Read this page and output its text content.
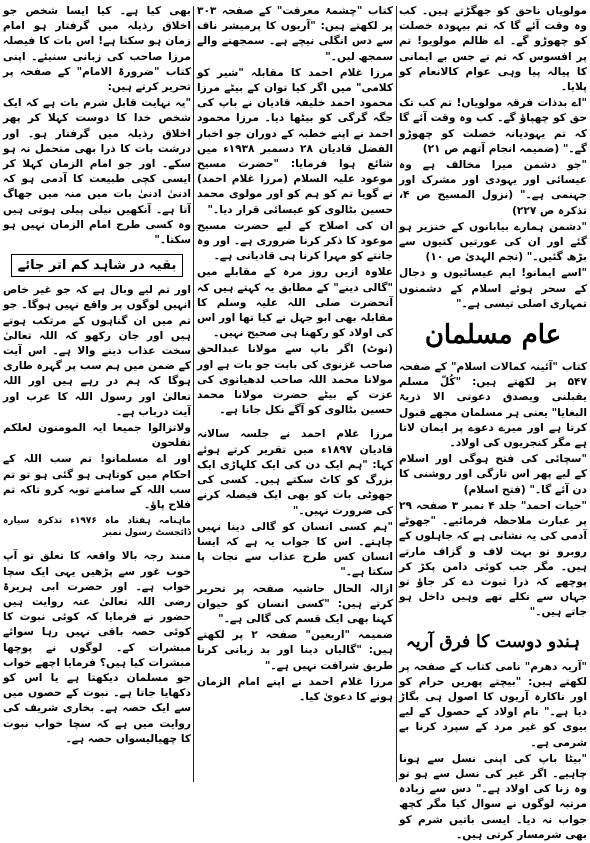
مولویاں ناحق کو جھگڑتے ہیں۔ کب وہ وقت آئے گا کہ تم بیہودہ خصلت کو چھوڑو گے۔ اے ظالم مولویو! تم پر افسوس کہ تم نے جس بے ایمانی کا پیالہ پیا وہی عوام کالانعام کو پلایا۔

"اے بدذات فرقہ مولویاں! تم کب تک حق کو چھپاؤ گے۔ کب وہ وقت آئے گا کہ تم یہودیانہ خصلت کو چھوڑو گے۔" (ضمیمہ انجام آتھم ص ۲۱)

"جو دشمن میرا مخالف ہے وہ عیسائی اور یہودی اور مشرک اور جہنمی ہے۔" (نزول المسیح ص ۴، تذکرہ ص ۲۲۷)

"دشمن ہمارے بیابانوں کے خنزیر ہو گئے اور ان کی عورتیں کتیوں سے بڑھ گئیں۔" (نجم الہدیٰ ص ۱۰)

"اسے ایمانو! ایم عیسائیوں و دجال کے سحر ہوئے اسلام کے دشمنوں تمہاری اصلی تیسی ہے۔"

عام مسلمان

کتاب "آئینہ کمالات اسلام" کے صفحہ ۵۴۷ پر لکھتے ہیں: "کُلّ مسلم یقبلنی ویصدق دعوتی الا ذریۃ البغایا" یعنی ہر مسلمان مجھے قبول کرتا ہے اور میرے دعوے پر ایمان لاتا ہے مگر کنجریوں کی اولاد۔

"سچائی کی فتح ہوگی اور اسلام کے لیے پھر اس تازگی اور روشنی کا دن آئے گا۔" (فتح اسلام)

"حیات احمد" جلد ۴ نمبر ۳ صفحہ ۲۹ پر عبارت ملاحظہ فرمائیے۔ "جھوٹے آدمی کی یہ نشانی ہے کہ جاہلوں کے روبرو تو بہت لاف و گزاف مارتے ہیں۔ مگر جب کوئی دامن پکڑ کر پوچھے کہ ذرا ثبوت دے کر جاؤ تو جہاں سے نکلے تھے وہیں داخل ہو جاتے ہیں۔"

ہندو دوست کا فرق آریہ

"آریہ دھرم" نامی کتاب کے صفحہ پر لکھتے ہیں: "بیچتے پھریں حرام کو اور ناکارہ آریوں کا اصول ہی بگاڑ دیا ہے۔" نام اولاد کے حصول کے لیے بیوی کو غیر مرد کے سپرد کرنا بے شرمی ہے۔

"بیٹا باپ کی اپنی نسل سے ہونا چاہیے۔ اگر غیر کی نسل سے ہو تو وہ زنا کی اولاد ہے۔" دس سے زیادہ مرتبہ لوگوں نے سوال کیا مگر کچھ جواب نہ دیا۔ ایسی باتیں شرم کو بھی شرمسار کرتی ہیں۔

کتاب "چشمۂ معرفت" کے صفحہ ۳۰۳ پر لکھتے ہیں: "آریوں کا پرمیشر ناف سے دس انگلی نیچے ہے۔ سمجھنے والے سمجھ لیں۔"

مرزا غلام احمد کا مقابلہ "شیر کو کلامی" میں اگر کیا توان کے بیٹے مرزا محمود احمد خلیفہ قادیان نے باپ کی جگہ گرگی کو بیٹھا دیا۔ مرزا محمود احمد نے اپنے خطبہ کے دوران جو اخبار الفضل قادیان ۲۸ دسمبر ۱۹۳۸ء میں شائع ہوا فرمایا: "حضرت مسیح موعود علیہ السلام (مرزا غلام احمد) نے گویا تم کو ہم کو اور مولوی محمد حسین بٹالوی کو عیسائی قرار دیا۔"

ان کی اصلاح کے لیے حضرت مسیح موعود کا ذکر کرنا ضروری ہے۔ اور وہ جانتے کو مہرا کرنا ہی قادیانی ہے۔

علاوہ ازیں روز مرہ کے مقابلے میں "گالی دینے" کے مطابق یہ کہتے ہیں کہ آنحضرت صلی اللہ علیہ وسلم کا مقابلہ بھی ابو جہل نے کیا تھا اور اس کی اولاد کو رکھنا ہی صحیح نہیں۔

(نوٹ) اگر باپ سے مولانا عبدالحق صاحب غزنوی کی بابت جو بات ہے اور مولانا محمد اللہ صاحب لدھیانوی کی عزت کے بیٹے حضرت مولانا محمد حسین بٹالوی کو آگے نکل جانا ہے۔

مرزا غلام احمد نے جلسہ سالانہ قادیان ۱۸۹۷ء میں تقریر کرتے ہوئے کہا: "ہم ایک دن کی ایک کلہاڑی ایک بزرگ کو کاٹ سکتے ہیں۔ کسی کی جھوٹی بات کو بھی ایک فیصلہ کرنے کی ضرورت نہیں۔"

"ہم کسی انسان کو گالی دینا نہیں چاہتے۔ اس کا جواب یہ ہے کہ ایسا انسان کس طرح عذاب سے نجات پا سکتا ہے۔"

ازالہ الحال حاشیہ صفحہ پر تحریر کرتے ہیں: "کسی انسان کو حیوان کہنا بھی ایک قسم کی گالی ہے۔"

ضمیمہ "اربعین" صفحہ ۲ پر لکھتے ہیں: "گالیاں دینا اور بد زبانی کرنا طریق شرافت نہیں ہے۔"

مرزا غلام احمد نے اپنے امام الزمان ہونے کا دعویٰ کیا۔

بھی کیا ہے۔ کیا ایسا شخص جو اخلاق رذیلہ میں گرفتار ہو امام زمان ہو سکتا ہے! اس بات کا فیصلہ مرزا صاحب کی زبانی سنیئے۔ اپنی کتاب "ضرورۃ الامام" کے صفحہ پر تحریر کرتے ہیں:

"یہ نہایت قابل شرم بات ہے کہ ایک شخص خدا کا دوست کہلا کر پھر اخلاق رذیلہ میں گرفتار ہو۔ اور درشت بات کا ذرا بھی متحمل نہ ہو سکے۔ اور جو امام الزمان کہلا کر ایسی کچی طبیعت کا آدمی ہو کہ ادنیٰ ادنیٰ بات میں منہ میں جھاگ آتا ہے۔ آنکھیں نیلی پیلی ہوتی ہیں وہ کسی طرح امام الزمان نہیں ہو سکتا۔"

بقیہ در شاہد کم اتر جائے

اور تم لیے وبال ہے کہ جو غیر خاص انہیں لوگوں پر واقع نہیں ہوگا۔ جو تم میں ان گناہوں کے مرتکب ہوتے ہیں اور جان رکھو کہ اللہ تعالیٰ سخت عذاب دینے والا ہے۔ اس آیت کے ضمن میں ہم سب پر گہرہ طاری ہوگا کہ ہم در رہے ہیں اور اللہ تعالیٰ اور رسول اللہ کا عرب اور آیت درباب ہے۔

ولاتزالوا جمیعا ایہ المومنون لعلکم تفلحون

اور اے مسلمانو! تم سب اللہ کے احکام میں کوتاہی ہو گئی ہو تو تم سب اللہ کے سامنے توبہ کرو تاکہ تم فلاح پاؤ۔

ماہنامہ ہفتاد ماہ ۱۹۷۶ء تذکرہ سیارہ ڈائجسٹ رسول نمبر

منند رجہ بالا واقعہ کا تعلق تو آپ خوب غور سے پڑھیں یہی ایک سچا خواب ہے۔ اور حضرت ابی ہریرۃ رضی اللہ تعالیٰ عنہ روایت ہیں حضور نے فرمایا کہ کوئی نبوت کا کوئی حصہ باقی نہیں رہا سوائے مبشرات کے۔ لوگوں نے پوچھا مبشرات کیا ہیں؟ فرمایا اچھے خواب جو مسلمان دیکھتا ہے یا اس کو دکھایا جاتا ہے۔ نبوت کے حصوں میں سے ایک حصہ ہے۔ بخاری شریف کی روایت میں ہے کہ سچا خواب نبوت کا چھیالیسواں حصہ ہے۔
